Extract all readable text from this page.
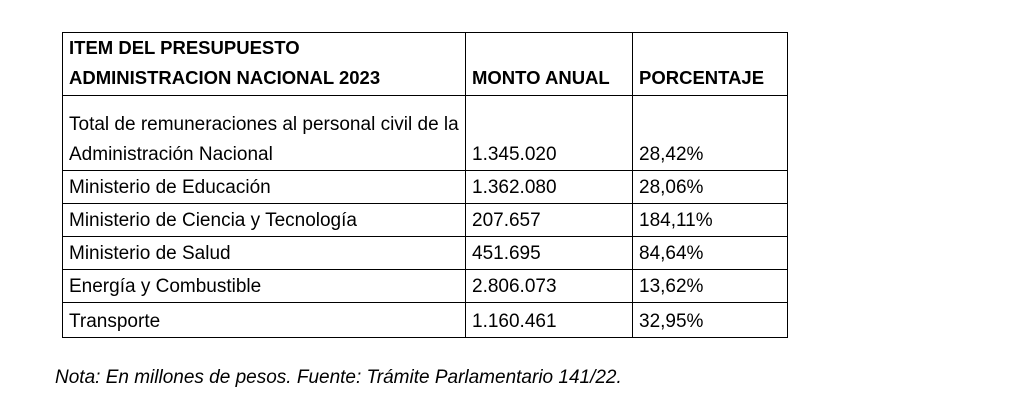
ITEM DEL PRESUPUESTO ADMINISTRACION NACIONAL 2023	MONTO ANUAL	PORCENTAJE
Total de remuneraciones al personal civil de la Administración Nacional	1.345.020	28,42%
Ministerio de Educación	1.362.080	28,06%
Ministerio de Ciencia y Tecnología	207.657	184,11%
Ministerio de Salud	451.695	84,64%
Energía y Combustible	2.806.073	13,62%
Transporte	1.160.461	32,95%
Nota: En millones de pesos. Fuente: Trámite Parlamentario 141/22.
